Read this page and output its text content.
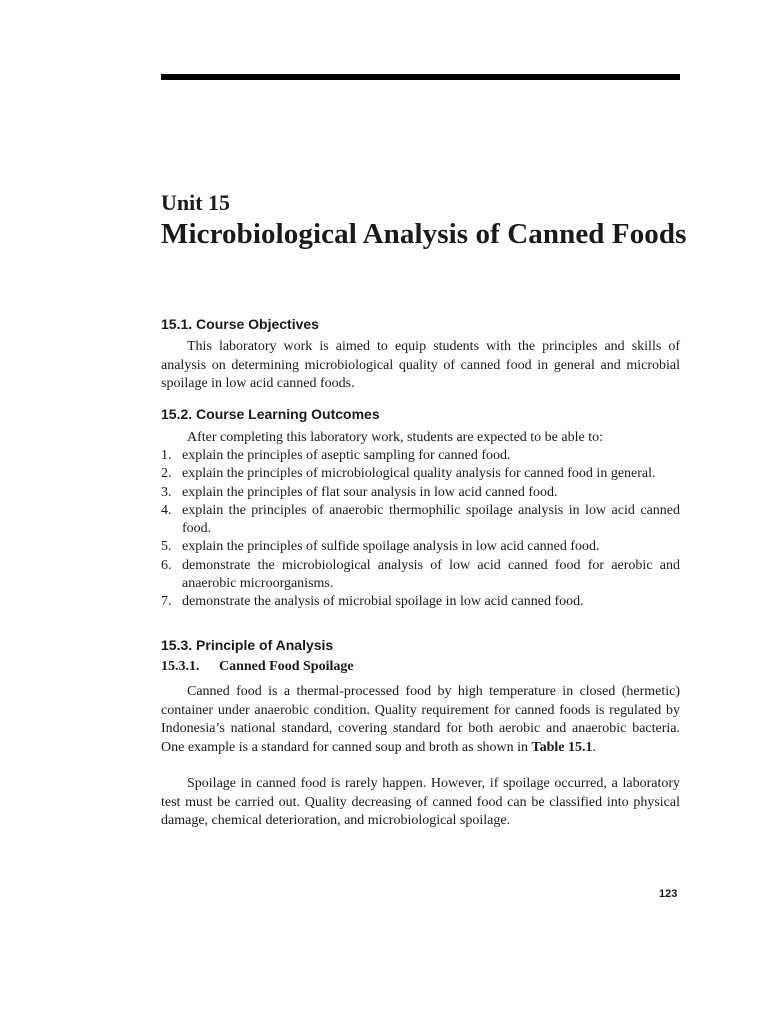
Unit 15
Microbiological Analysis of Canned Foods
15.1. Course Objectives
This laboratory work is aimed to equip students with the principles and skills of analysis on determining microbiological quality of canned food in general and microbial spoilage in low acid canned foods.
15.2. Course Learning Outcomes
After completing this laboratory work, students are expected to be able to:
1. explain the principles of aseptic sampling for canned food.
2. explain the principles of microbiological quality analysis for canned food in general.
3. explain the principles of flat sour analysis in low acid canned food.
4. explain the principles of anaerobic thermophilic spoilage analysis in low acid canned food.
5. explain the principles of sulfide spoilage analysis in low acid canned food.
6. demonstrate the microbiological analysis of low acid canned food for aerobic and anaerobic microorganisms.
7. demonstrate the analysis of microbial spoilage in low acid canned food.
15.3. Principle of Analysis
15.3.1. Canned Food Spoilage
Canned food is a thermal-processed food by high temperature in closed (hermetic) container under anaerobic condition. Quality requirement for canned foods is regulated by Indonesia’s national standard, covering standard for both aerobic and anaerobic bacteria. One example is a standard for canned soup and broth as shown in Table 15.1.
Spoilage in canned food is rarely happen. However, if spoilage occurred, a laboratory test must be carried out. Quality decreasing of canned food can be classified into physical damage, chemical deterioration, and microbiological spoilage.
123
